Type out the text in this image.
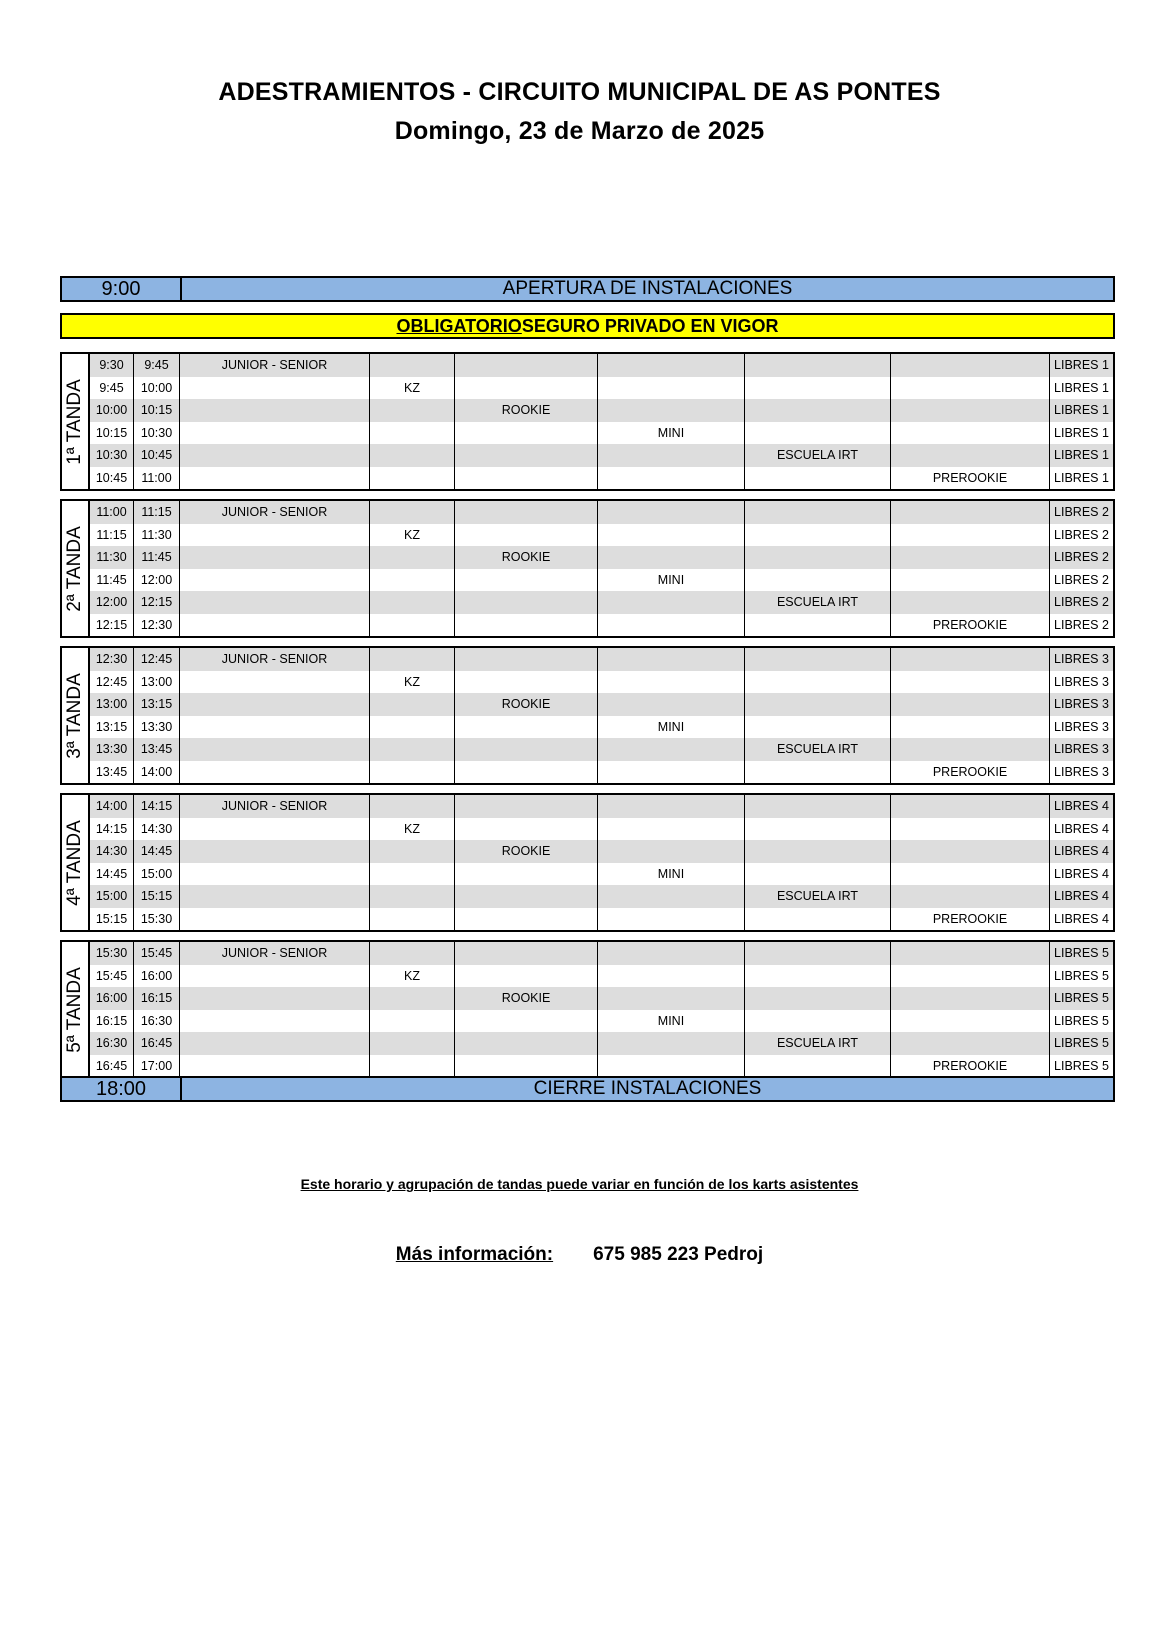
ADESTRAMIENTOS - CIRCUITO MUNICIPAL DE AS PONTES
Domingo, 23 de Marzo de 2025
9:00	APERTURA DE INSTALACIONES
OBLIGATORIO SEGURO PRIVADO EN VIGOR
1ª TANDA
9:30	9:45	JUNIOR - SENIOR	LIBRES 1
9:45	10:00	KZ	LIBRES 1
10:00	10:15	ROOKIE	LIBRES 1
10:15	10:30	MINI	LIBRES 1
10:30	10:45	ESCUELA IRT	LIBRES 1
10:45	11:00	PREROOKIE	LIBRES 1
2ª TANDA
11:00	11:15	JUNIOR - SENIOR	LIBRES 2
11:15	11:30	KZ	LIBRES 2
11:30	11:45	ROOKIE	LIBRES 2
11:45	12:00	MINI	LIBRES 2
12:00	12:15	ESCUELA IRT	LIBRES 2
12:15	12:30	PREROOKIE	LIBRES 2
3ª TANDA
12:30	12:45	JUNIOR - SENIOR	LIBRES 3
12:45	13:00	KZ	LIBRES 3
13:00	13:15	ROOKIE	LIBRES 3
13:15	13:30	MINI	LIBRES 3
13:30	13:45	ESCUELA IRT	LIBRES 3
13:45	14:00	PREROOKIE	LIBRES 3
4ª TANDA
14:00	14:15	JUNIOR - SENIOR	LIBRES 4
14:15	14:30	KZ	LIBRES 4
14:30	14:45	ROOKIE	LIBRES 4
14:45	15:00	MINI	LIBRES 4
15:00	15:15	ESCUELA IRT	LIBRES 4
15:15	15:30	PREROOKIE	LIBRES 4
5ª TANDA
15:30	15:45	JUNIOR - SENIOR	LIBRES 5
15:45	16:00	KZ	LIBRES 5
16:00	16:15	ROOKIE	LIBRES 5
16:15	16:30	MINI	LIBRES 5
16:30	16:45	ESCUELA IRT	LIBRES 5
16:45	17:00	PREROOKIE	LIBRES 5
18:00	CIERRE INSTALACIONES
Este horario y agrupación de tandas puede variar en función de los karts asistentes
Más información: 675 985 223 Pedroj
